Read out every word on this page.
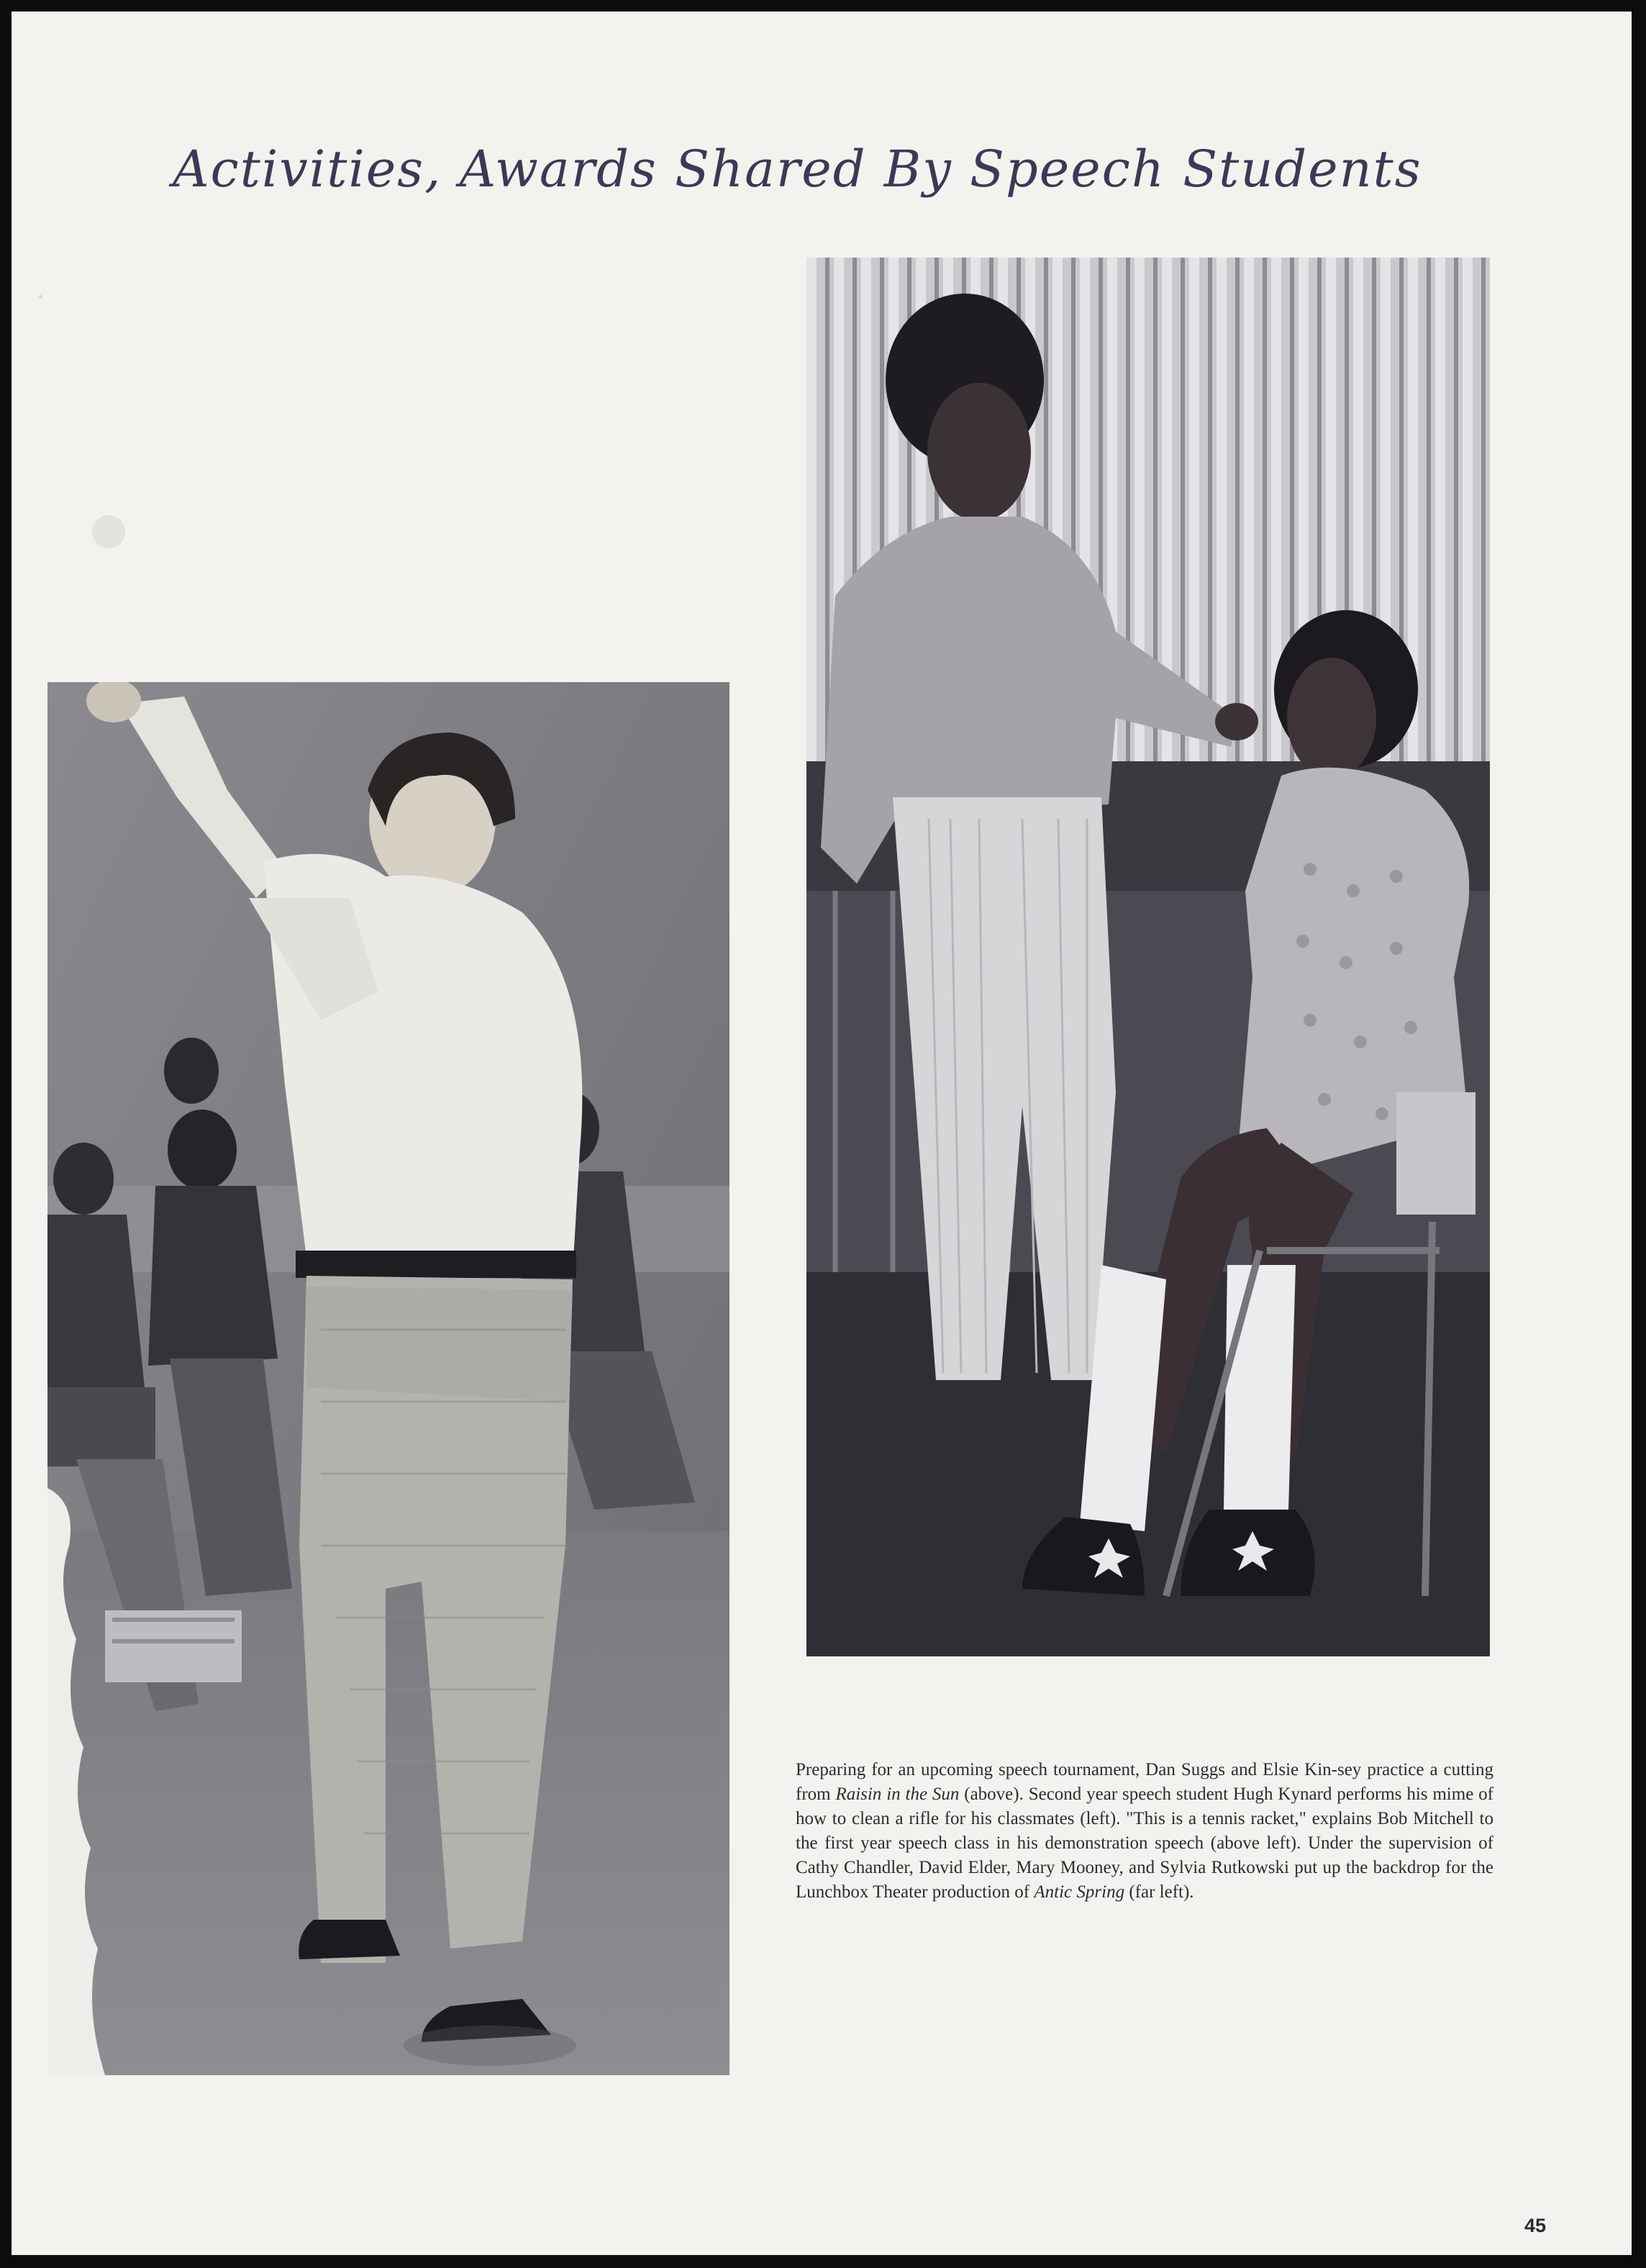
Activities, Awards Shared By Speech Students

Preparing for an upcoming speech tournament, Dan Suggs and Elsie Kin-sey practice a cutting from Raisin in the Sun (above). Second year speech student Hugh Kynard performs his mime of how to clean a rifle for his classmates (left). "This is a tennis racket," explains Bob Mitchell to the first year speech class in his demonstration speech (above left). Under the supervision of Cathy Chandler, David Elder, Mary Mooney, and Sylvia Rutkowski put up the backdrop for the Lunchbox Theater production of Antic Spring (far left).

45
